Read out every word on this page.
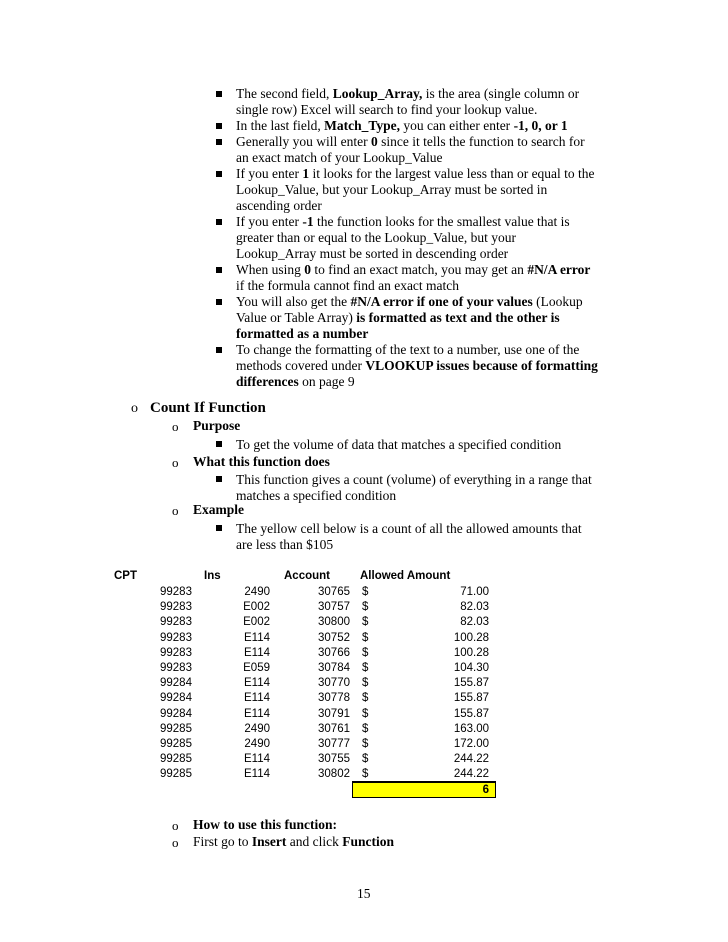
The second field, Lookup_Array, is the area (single column or
single row) Excel will search to find your lookup value.
In the last field, Match_Type, you can either enter -1, 0, or 1
Generally you will enter 0 since it tells the function to search for
an exact match of your Lookup_Value
If you enter 1 it looks for the largest value less than or equal to the
Lookup_Value, but your Lookup_Array must be sorted in
ascending order
If you enter -1 the function looks for the smallest value that is
greater than or equal to the Lookup_Value, but your
Lookup_Array must be sorted in descending order
When using 0 to find an exact match, you may get an #N/A error
if the formula cannot find an exact match
You will also get the #N/A error if one of your values (Lookup
Value or Table Array) is formatted as text and the other is
formatted as a number
To change the formatting of the text to a number, use one of the
methods covered under VLOOKUP issues because of formatting
differences on page 9
o Count If Function
o Purpose
To get the volume of data that matches a specified condition
o What this function does
This function gives a count (volume) of everything in a range that
matches a specified condition
o Example
The yellow cell below is a count of all the allowed amounts that
are less than $105
CPT	Ins	Account	Allowed Amount
99283	2490	30765 $	71.00
99283	E002	30757 $	82.03
99283	E002	30800 $	82.03
99283	E114	30752 $	100.28
99283	E114	30766 $	100.28
99283	E059	30784 $	104.30
99284	E114	30770 $	155.87
99284	E114	30778 $	155.87
99284	E114	30791 $	155.87
99285	2490	30761 $	163.00
99285	2490	30777 $	172.00
99285	E114	30755 $	244.22
99285	E114	30802 $	244.22
6
o How to use this function:
o First go to Insert and click Function
15
